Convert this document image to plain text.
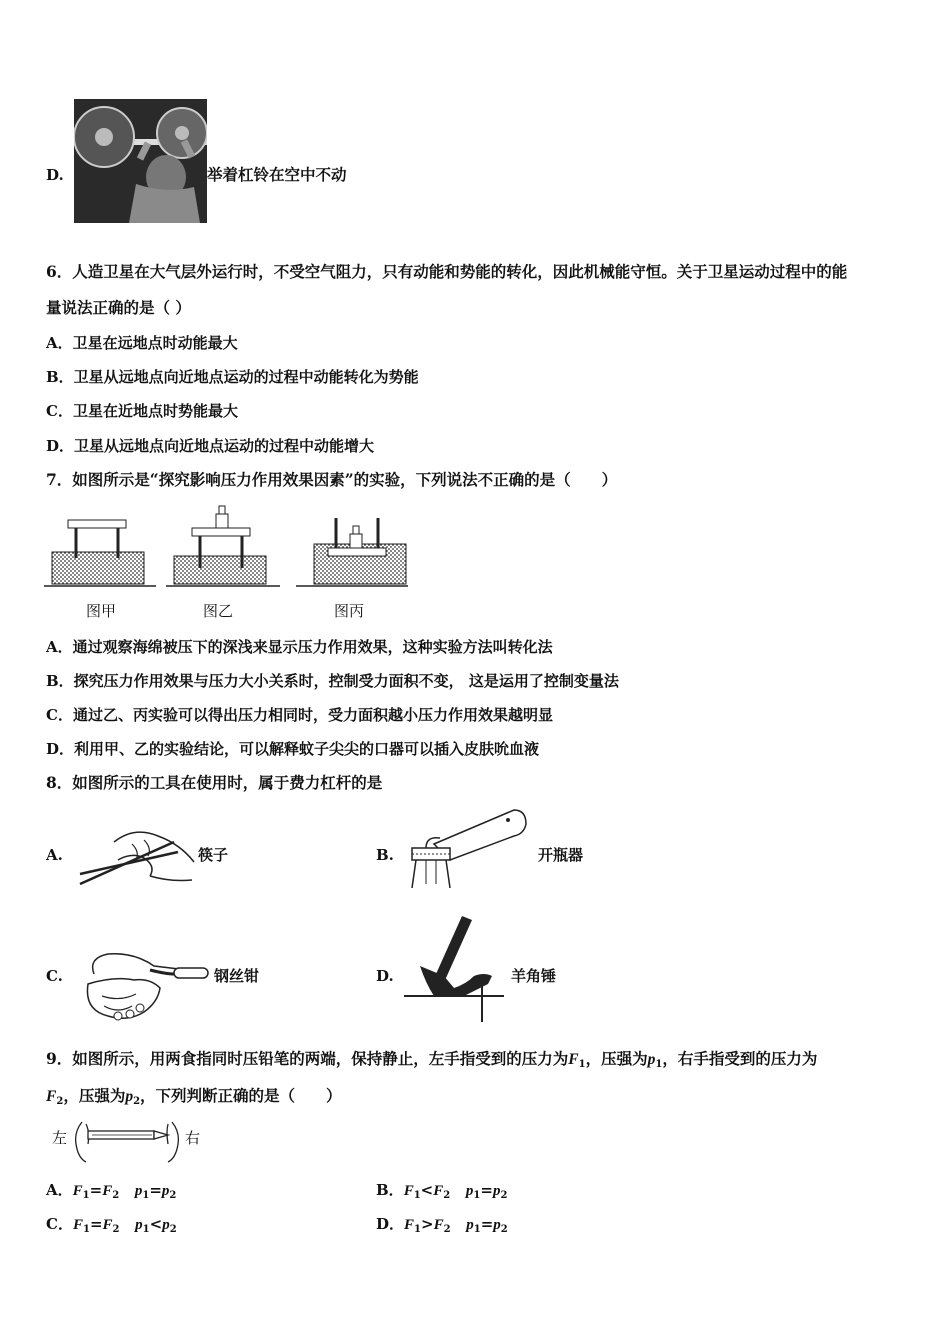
D.	举着杠铃在空中不动
6．人造卫星在大气层外运行时，不受空气阻力，只有动能和势能的转化，因此机械能守恒。关于卫星运动过程中的能
量说法正确的是（ ）
A．卫星在远地点时动能最大
B．卫星从远地点向近地点运动的过程中动能转化为势能
C．卫星在近地点时势能最大
D．卫星从远地点向近地点运动的过程中动能增大
7．如图所示是“探究影响压力作用效果因素”的实验，下列说法不正确的是（　　）
图甲	图乙	图丙
A．通过观察海绵被压下的深浅来显示压力作用效果，这种实验方法叫转化法
B．探究压力作用效果与压力大小关系时，控制受力面积不变， 这是运用了控制变量法
C．通过乙、丙实验可以得出压力相同时，受力面积越小压力作用效果越明显
D．利用甲、乙的实验结论，可以解释蚊子尖尖的口器可以插入皮肤吮血液
8．如图所示的工具在使用时，属于费力杠杆的是
A.	筷子	B.	开瓶器
C.	钢丝钳	D.	羊角锤
9．如图所示，用两食指同时压铅笔的两端，保持静止，左手指受到的压力为$F_1$，压强为$p_1$，右手指受到的压力为
$F_2$，压强为$p_2$，下列判断正确的是（　　）
左	右
A．$F_1=F_2$ $p_1=p_2$	B．$F_1<F_2$ $p_1=p_2$
C．$F_1=F_2$ $p_1<p_2$	D．$F_1>F_2$ $p_1=p_2$
